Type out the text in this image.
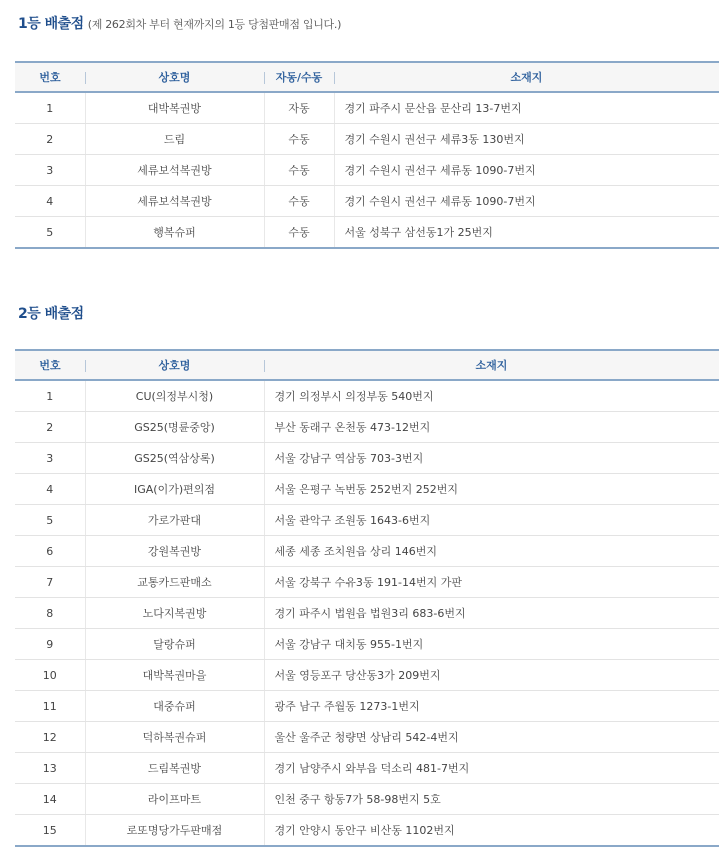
1등 배출점 (제 262회차 부터 현재까지의 1등 당첨판매점 입니다.)
번호	상호명	자동/수동	소재지
1	대박복권방	자동	경기 파주시 문산읍 문산리 13-7번지
2	드림	수동	경기 수원시 권선구 세류3동 130번지
3	세류보석복권방	수동	경기 수원시 권선구 세류동 1090-7번지
4	세류보석복권방	수동	경기 수원시 권선구 세류동 1090-7번지
5	행복슈퍼	수동	서울 성북구 삼선동1가 25번지
2등 배출점
번호	상호명	소재지
1	CU(의정부시청)	경기 의정부시 의정부동 540번지
2	GS25(명륜중앙)	부산 동래구 온천동 473-12번지
3	GS25(역삼상록)	서울 강남구 역삼동 703-3번지
4	IGA(이가)편의점	서울 은평구 녹번동 252번지 252번지
5	가로가판대	서울 관악구 조원동 1643-6번지
6	강원복권방	세종 세종 조치원읍 상리 146번지
7	교통카드판매소	서울 강북구 수유3동 191-14번지 가판
8	노다지복권방	경기 파주시 법원읍 법원3리 683-6번지
9	달랑슈퍼	서울 강남구 대치동 955-1번지
10	대박복권마을	서울 영등포구 당산동3가 209번지
11	대중슈퍼	광주 남구 주월동 1273-1번지
12	덕하복권슈퍼	울산 울주군 청량면 상남리 542-4번지
13	드림복권방	경기 남양주시 와부읍 덕소리 481-7번지
14	라이프마트	인천 중구 항동7가 58-98번지 5호
15	로또명당가두판매점	경기 안양시 동안구 비산동 1102번지
